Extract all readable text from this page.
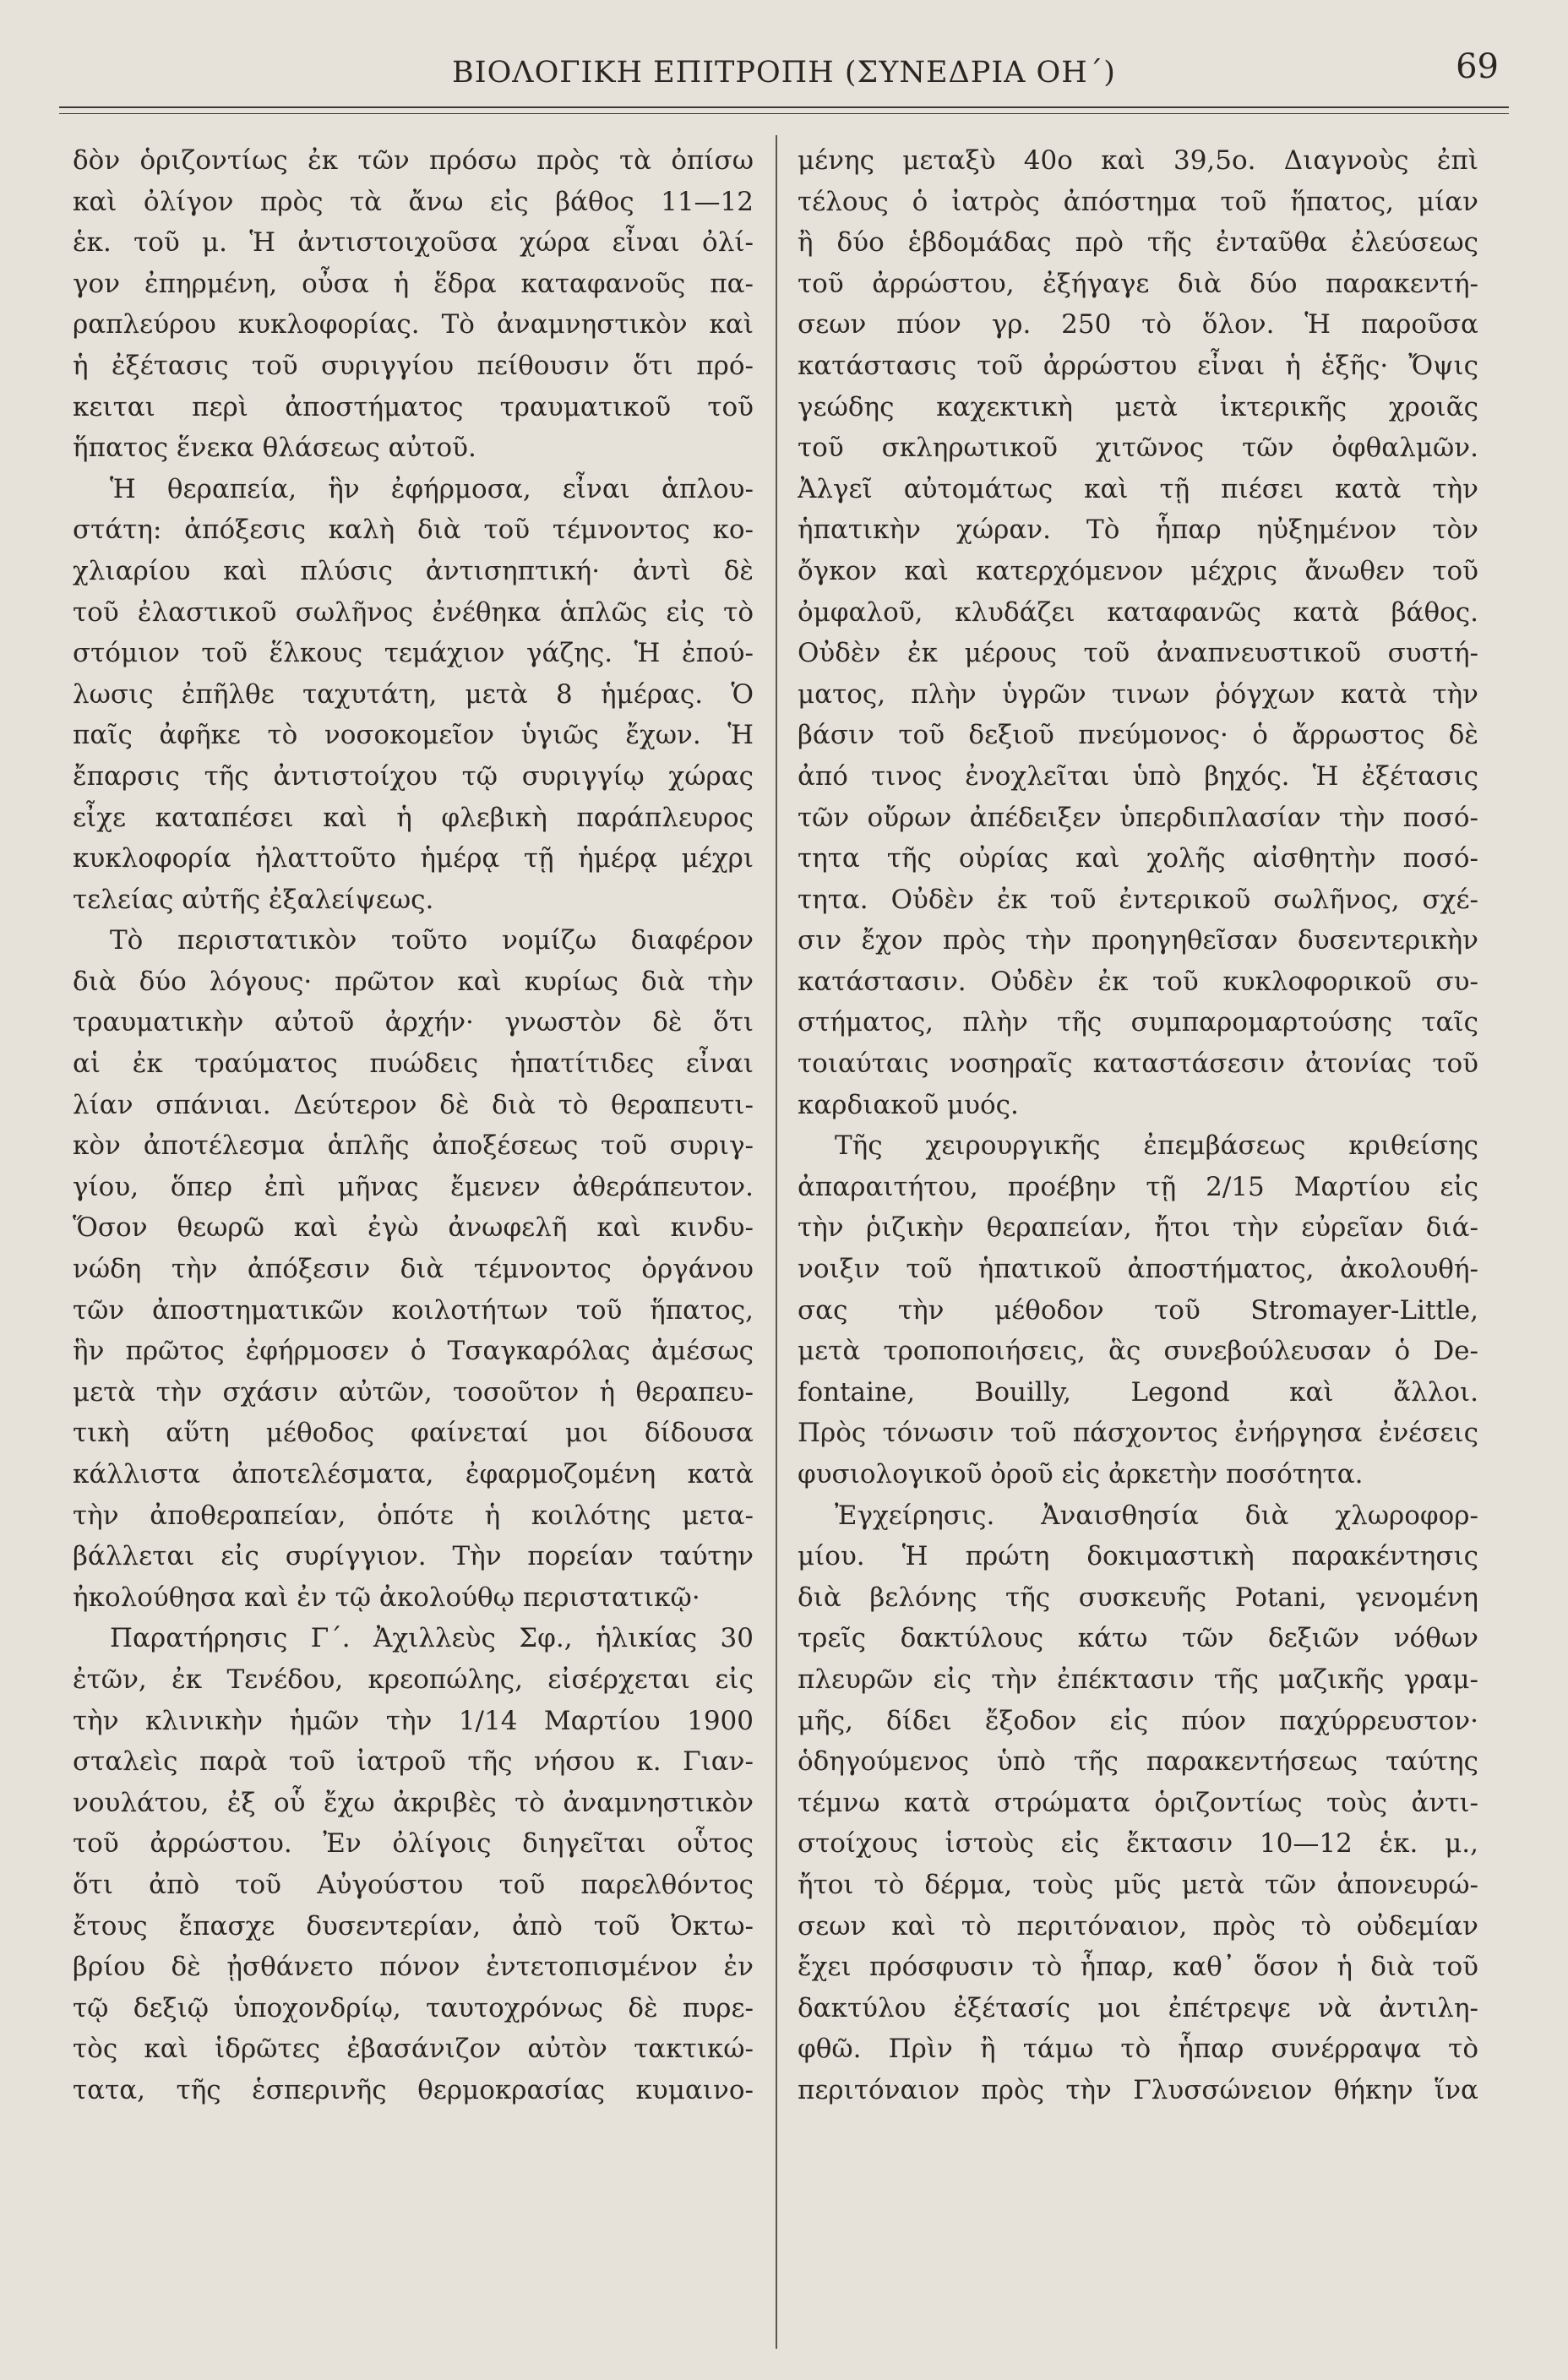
ΒΙΟΛΟΓΙΚΗ ΕΠΙΤΡΟΠΗ (ΣΥΝΕΔΡΙΑ ΟΗ΄)	69
δὸν ὁριζοντίως ἐκ τῶν πρόσω πρὸς τὰ ὀπίσω
καὶ ὀλίγον πρὸς τὰ ἄνω εἰς βάθος 11—12
ἑκ. τοῦ μ. Ἡ ἀντιστοιχοῦσα χώρα εἶναι ὀλί-
γον ἐπηρμένη, οὖσα ἡ ἕδρα καταφανοῦς πα-
ραπλεύρου κυκλοφορίας. Τὸ ἀναμνηστικὸν καὶ
ἡ ἐξέτασις τοῦ συριγγίου πείθουσιν ὅτι πρό-
κειται περὶ ἀποστήματος τραυματικοῦ τοῦ
ἥπατος ἕνεκα θλάσεως αὐτοῦ.
Ἡ θεραπεία, ἣν ἐφήρμοσα, εἶναι ἁπλου-
στάτη: ἀπόξεσις καλὴ διὰ τοῦ τέμνοντος κο-
χλιαρίου καὶ πλύσις ἀντισηπτική· ἀντὶ δὲ
τοῦ ἐλαστικοῦ σωλῆνος ἐνέθηκα ἁπλῶς εἰς τὸ
στόμιον τοῦ ἕλκους τεμάχιον γάζης. Ἡ ἐπού-
λωσις ἐπῆλθε ταχυτάτη, μετὰ 8 ἡμέρας. Ὁ
παῖς ἀφῆκε τὸ νοσοκομεῖον ὑγιῶς ἔχων. Ἡ
ἔπαρσις τῆς ἀντιστοίχου τῷ συριγγίῳ χώρας
εἶχε καταπέσει καὶ ἡ φλεβικὴ παράπλευρος
κυκλοφορία ἠλαττοῦτο ἡμέρᾳ τῇ ἡμέρᾳ μέχρι
τελείας αὐτῆς ἐξαλείψεως.
Τὸ περιστατικὸν τοῦτο νομίζω διαφέρον
διὰ δύο λόγους· πρῶτον καὶ κυρίως διὰ τὴν
τραυματικὴν αὐτοῦ ἀρχήν· γνωστὸν δὲ ὅτι
αἱ ἐκ τραύματος πυώδεις ἡπατίτιδες εἶναι
λίαν σπάνιαι. Δεύτερον δὲ διὰ τὸ θεραπευτι-
κὸν ἀποτέλεσμα ἁπλῆς ἀποξέσεως τοῦ συριγ-
γίου, ὅπερ ἐπὶ μῆνας ἔμενεν ἀθεράπευτον.
Ὅσον θεωρῶ καὶ ἐγὼ ἀνωφελῆ καὶ κινδυ-
νώδη τὴν ἀπόξεσιν διὰ τέμνοντος ὀργάνου
τῶν ἀποστηματικῶν κοιλοτήτων τοῦ ἥπατος,
ἣν πρῶτος ἐφήρμοσεν ὁ Τσαγκαρόλας ἀμέσως
μετὰ τὴν σχάσιν αὐτῶν, τοσοῦτον ἡ θεραπευ-
τικὴ αὕτη μέθοδος φαίνεταί μοι δίδουσα
κάλλιστα ἀποτελέσματα, ἐφαρμοζομένη κατὰ
τὴν ἀποθεραπείαν, ὁπότε ἡ κοιλότης μετα-
βάλλεται εἰς συρίγγιον. Τὴν πορείαν ταύτην
ἠκολούθησα καὶ ἐν τῷ ἀκολούθῳ περιστατικῷ·
Παρατήρησις Γ΄. Ἀχιλλεὺς Σφ., ἡλικίας 30
ἐτῶν, ἐκ Τενέδου, κρεοπώλης, εἰσέρχεται εἰς
τὴν κλινικὴν ἡμῶν τὴν 1/14 Μαρτίου 1900
σταλεὶς παρὰ τοῦ ἰατροῦ τῆς νήσου κ. Γιαν-
νουλάτου, ἐξ οὗ ἔχω ἀκριβὲς τὸ ἀναμνηστικὸν
τοῦ ἀρρώστου. Ἐν ὀλίγοις διηγεῖται οὗτος
ὅτι ἀπὸ τοῦ Αὐγούστου τοῦ παρελθόντος
ἔτους ἔπασχε δυσεντερίαν, ἀπὸ τοῦ Ὀκτω-
βρίου δὲ ᾐσθάνετο πόνον ἐντετοπισμένον ἐν
τῷ δεξιῷ ὑποχονδρίῳ, ταυτοχρόνως δὲ πυρε-
τὸς καὶ ἱδρῶτες ἐβασάνιζον αὐτὸν τακτικώ-
τατα, τῆς ἑσπερινῆς θερμοκρασίας κυμαινο-
μένης μεταξὺ 40ο καὶ 39,5ο. Διαγνοὺς ἐπὶ
τέλους ὁ ἰατρὸς ἀπόστημα τοῦ ἥπατος, μίαν
ἢ δύο ἑβδομάδας πρὸ τῆς ἐνταῦθα ἐλεύσεως
τοῦ ἀρρώστου, ἐξήγαγε διὰ δύο παρακεντή-
σεων πύον γρ. 250 τὸ ὅλον. Ἡ παροῦσα
κατάστασις τοῦ ἀρρώστου εἶναι ἡ ἑξῆς· Ὄψις
γεώδης καχεκτικὴ μετὰ ἰκτερικῆς χροιᾶς
τοῦ σκληρωτικοῦ χιτῶνος τῶν ὀφθαλμῶν.
Ἀλγεῖ αὐτομάτως καὶ τῇ πιέσει κατὰ τὴν
ἡπατικὴν χώραν. Τὸ ἧπαρ ηὐξημένον τὸν
ὄγκον καὶ κατερχόμενον μέχρις ἄνωθεν τοῦ
ὀμφαλοῦ, κλυδάζει καταφανῶς κατὰ βάθος.
Οὐδὲν ἐκ μέρους τοῦ ἀναπνευστικοῦ συστή-
ματος, πλὴν ὑγρῶν τινων ῥόγχων κατὰ τὴν
βάσιν τοῦ δεξιοῦ πνεύμονος· ὁ ἄρρωστος δὲ
ἀπό τινος ἐνοχλεῖται ὑπὸ βηχός. Ἡ ἐξέτασις
τῶν οὔρων ἀπέδειξεν ὑπερδιπλασίαν τὴν ποσό-
τητα τῆς οὐρίας καὶ χολῆς αἰσθητὴν ποσό-
τητα. Οὐδὲν ἐκ τοῦ ἐντερικοῦ σωλῆνος, σχέ-
σιν ἔχον πρὸς τὴν προηγηθεῖσαν δυσεντερικὴν
κατάστασιν. Οὐδὲν ἐκ τοῦ κυκλοφορικοῦ συ-
στήματος, πλὴν τῆς συμπαρομαρτούσης ταῖς
τοιαύταις νοσηραῖς καταστάσεσιν ἀτονίας τοῦ
καρδιακοῦ μυός.
Τῆς χειρουργικῆς ἐπεμβάσεως κριθείσης
ἀπαραιτήτου, προέβην τῇ 2/15 Μαρτίου εἰς
τὴν ῥιζικὴν θεραπείαν, ἤτοι τὴν εὐρεῖαν διά-
νοιξιν τοῦ ἡπατικοῦ ἀποστήματος, ἀκολουθή-
σας τὴν μέθοδον τοῦ Stromayer-Little,
μετὰ τροποποιήσεις, ἃς συνεβούλευσαν ὁ De-
fontaine, Bouilly, Legond καὶ ἄλλοι.
Πρὸς τόνωσιν τοῦ πάσχοντος ἐνήργησα ἐνέσεις
φυσιολογικοῦ ὀροῦ εἰς ἀρκετὴν ποσότητα.
Ἐγχείρησις. Ἀναισθησία διὰ χλωροφορ-
μίου. Ἡ πρώτη δοκιμαστικὴ παρακέντησις
διὰ βελόνης τῆς συσκευῆς Potani, γενομένη
τρεῖς δακτύλους κάτω τῶν δεξιῶν νόθων
πλευρῶν εἰς τὴν ἐπέκτασιν τῆς μαζικῆς γραμ-
μῆς, δίδει ἔξοδον εἰς πύον παχύρρευστον·
ὁδηγούμενος ὑπὸ τῆς παρακεντήσεως ταύτης
τέμνω κατὰ στρώματα ὁριζοντίως τοὺς ἀντι-
στοίχους ἱστοὺς εἰς ἔκτασιν 10—12 ἑκ. μ.,
ἤτοι τὸ δέρμα, τοὺς μῦς μετὰ τῶν ἀπονευρώ-
σεων καὶ τὸ περιτόναιον, πρὸς τὸ οὐδεμίαν
ἔχει πρόσφυσιν τὸ ἧπαρ, καθ᾽ ὅσον ἡ διὰ τοῦ
δακτύλου ἐξέτασίς μοι ἐπέτρεψε νὰ ἀντιλη-
φθῶ. Πρὶν ἢ τάμω τὸ ἧπαρ συνέρραψα τὸ
περιτόναιον πρὸς τὴν Γλυσσώνειον θήκην ἵνα
